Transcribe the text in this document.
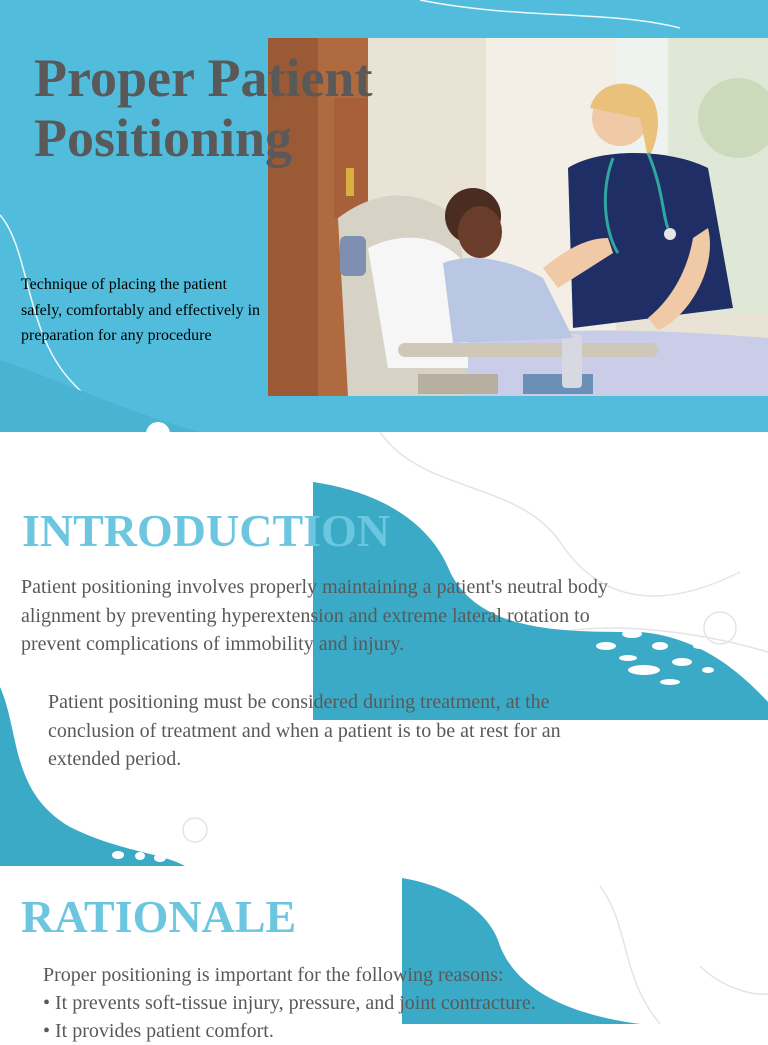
Proper Patient
Positioning

Technique of placing the patient safely, comfortably and effectively in preparation for any procedure

INTRODUCTION

Patient positioning involves properly maintaining a patient's neutral body alignment by preventing hyperextension and extreme lateral rotation to prevent complications of immobility and injury.

Patient positioning must be considered during treatment, at the conclusion of treatment and when a patient is to be at rest for an extended period.

RATIONALE

Proper positioning is important for the following reasons:

• It prevents soft-tissue injury, pressure, and joint contracture.
• It provides patient comfort.
